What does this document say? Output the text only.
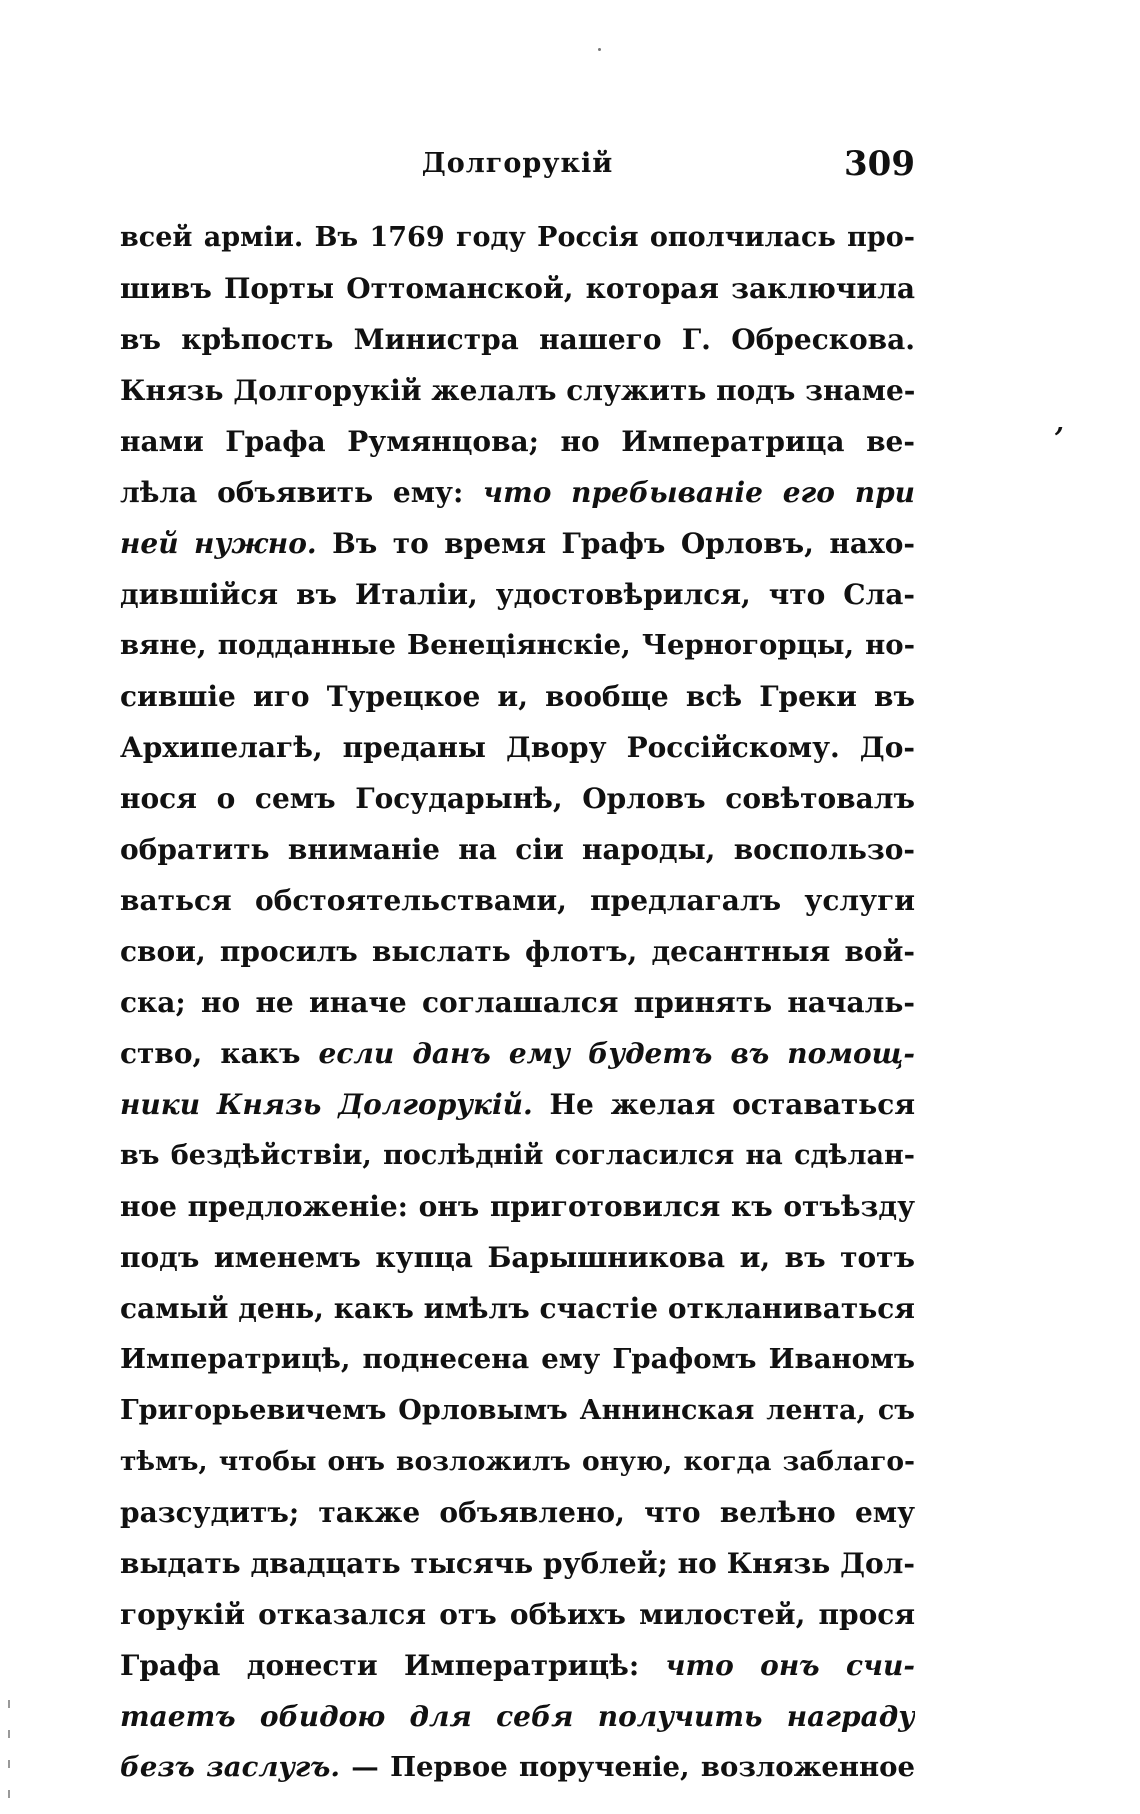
Долгорукій	309
всей арміи. Въ 1769 году Россія ополчилась про-
шивъ Порты Оттоманской, которая заключила
въ крѣпость Министра нашего Г. Обрескова.
Князь Долгорукій желалъ служить подъ знаме-
нами Графа Румянцова; но Императрица ве-
лѣла объявить ему: что пребываніе его при
ней нужно. Въ то время Графъ Орловъ, нахо-
дившійся въ Италіи, удостовѣрился, что Сла-
вяне, подданные Венеціянскіе, Черногорцы, но-
сившіе иго Турецкое и, вообще всѣ Греки въ
Архипелагѣ, преданы Двору Россійскому. До-
нося о семъ Государынѣ, Орловъ совѣтовалъ
обратить вниманіе на сіи народы, воспользо-
ваться обстоятельствами, предлагалъ услуги
свои, просилъ выслать флотъ, десантныя вой-
ска; но не иначе соглашался принять началь-
ство, какъ если данъ ему будетъ въ помощ-
ники Князь Долгорукій. Не желая оставаться
въ бездѣйствіи, послѣдній согласился на сдѣлан-
ное предложеніе: онъ приготовился къ отъѣзду
подъ именемъ купца Барышникова и, въ тотъ
самый день, какъ имѣлъ счастіе откланиваться
Императрицѣ, поднесена ему Графомъ Иваномъ
Григорьевичемъ Орловымъ Аннинская лента, съ
тѣмъ, чтобы онъ возложилъ оную, когда заблаго-
разсудитъ; также объявлено, что велѣно ему
выдать двадцать тысячь рублей; но Князь Дол-
горукій отказался отъ обѣихъ милостей, прося
Графа донести Императрицѣ: что онъ счи-
таетъ обидою для себя получить награду
безъ заслугъ. — Первое порученіе, возложенное
,
